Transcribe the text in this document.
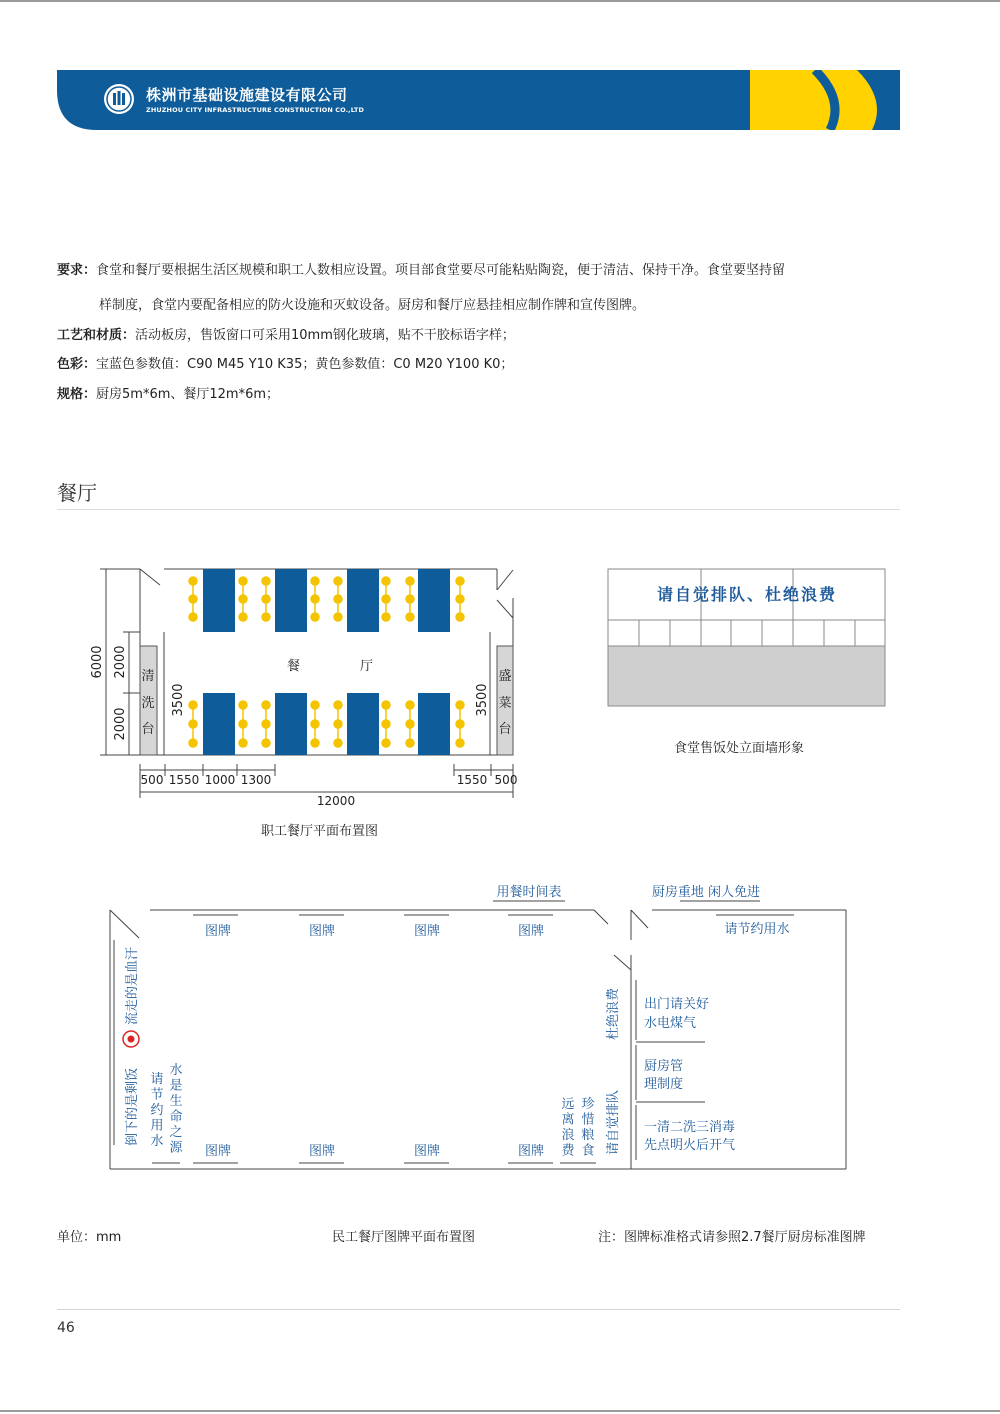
株洲市基础设施建设有限公司
ZHUZHOU CITY INFRASTRUCTURE CONSTRUCTION CO.,LTD
要求：食堂和餐厅要根据生活区规模和职工人数相应设置。项目部食堂要尽可能粘贴陶瓷，便于清洁、保持干净。食堂要坚持留
样制度，食堂内要配备相应的防火设施和灭蚊设备。厨房和餐厅应悬挂相应制作牌和宣传图牌。
工艺和材质：活动板房，售饭窗口可采用10mm钢化玻璃，贴不干胶标语字样；
色彩：宝蓝色参数值：C90 M45 Y10 K35；黄色参数值：C0 M20 Y100 K0；
规格：厨房5m*6m、餐厅12m*6m；
餐厅
清
洗
台
盛
菜
台
餐	厅
6000 2000
2000
3500	3500
500 1550 1000 1300	1550 500
12000
职工餐厅平面布置图
请自觉排队、杜绝浪费
食堂售饭处立面墙形象
用餐时间表	厨房重地 闲人免进
请节约用水
图牌	图牌	图牌	图牌
图牌	图牌	图牌	图牌
倒下的是剩饭
流走的是血汗	杜绝浪费
请自觉排队
出门请关好
水电煤气
厨房管
理制度
一清二洗三消毒
先点明火后开气
请
节
约
用
水
水
是
生
命
之
源
远
离
浪
费
珍
惜
粮
食
单位：mm	民工餐厅图牌平面布置图	注：图牌标准格式请参照2.7餐厅厨房标准图牌
46
